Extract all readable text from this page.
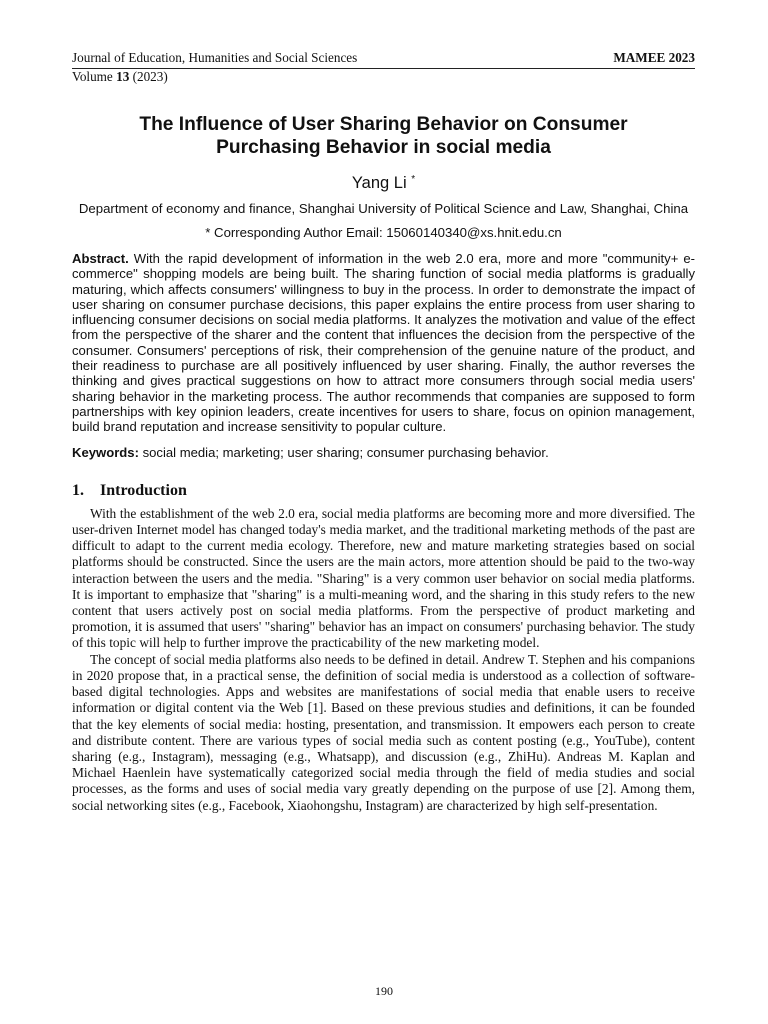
Journal of Education, Humanities and Social Sciences	MAMEE 2023
Volume 13 (2023)
The Influence of User Sharing Behavior on Consumer
Purchasing Behavior in social media
Yang Li *
Department of economy and finance, Shanghai University of Political Science and Law, Shanghai, China
* Corresponding Author Email: 15060140340@xs.hnit.edu.cn
Abstract. With the rapid development of information in the web 2.0 era, more and more "community+ e-commerce" shopping models are being built. The sharing function of social media platforms is gradually maturing, which affects consumers' willingness to buy in the process. In order to demonstrate the impact of user sharing on consumer purchase decisions, this paper explains the entire process from user sharing to influencing consumer decisions on social media platforms. It analyzes the motivation and value of the effect from the perspective of the sharer and the content that influences the decision from the perspective of the consumer. Consumers' perceptions of risk, their comprehension of the genuine nature of the product, and their readiness to purchase are all positively influenced by user sharing. Finally, the author reverses the thinking and gives practical suggestions on how to attract more consumers through social media users' sharing behavior in the marketing process. The author recommends that companies are supposed to form partnerships with key opinion leaders, create incentives for users to share, focus on opinion management, build brand reputation and increase sensitivity to popular culture.
Keywords: social media; marketing; user sharing; consumer purchasing behavior.
1. Introduction

With the establishment of the web 2.0 era, social media platforms are becoming more and more diversified. The user-driven Internet model has changed today's media market, and the traditional marketing methods of the past are difficult to adapt to the current media ecology. Therefore, new and mature marketing strategies based on social platforms should be constructed. Since the users are the main actors, more attention should be paid to the two-way interaction between the users and the media. "Sharing" is a very common user behavior on social media platforms. It is important to emphasize that "sharing" is a multi-meaning word, and the sharing in this study refers to the new content that users actively post on social media platforms. From the perspective of product marketing and promotion, it is assumed that users' "sharing" behavior has an impact on consumers' purchasing behavior. The study of this topic will help to further improve the practicability of the new marketing model.

The concept of social media platforms also needs to be defined in detail. Andrew T. Stephen and his companions in 2020 propose that, in a practical sense, the definition of social media is understood as a collection of software-based digital technologies. Apps and websites are manifestations of social media that enable users to receive information or digital content via the Web [1]. Based on these previous studies and definitions, it can be founded that the key elements of social media: hosting, presentation, and transmission. It empowers each person to create and distribute content. There are various types of social media such as content posting (e.g., YouTube), content sharing (e.g., Instagram), messaging (e.g., Whatsapp), and discussion (e.g., ZhiHu). Andreas M. Kaplan and Michael Haenlein have systematically categorized social media through the field of media studies and social processes, as the forms and uses of social media vary greatly depending on the purpose of use [2]. Among them, social networking sites (e.g., Facebook, Xiaohongshu, Instagram) are characterized by high self-presentation.

190
